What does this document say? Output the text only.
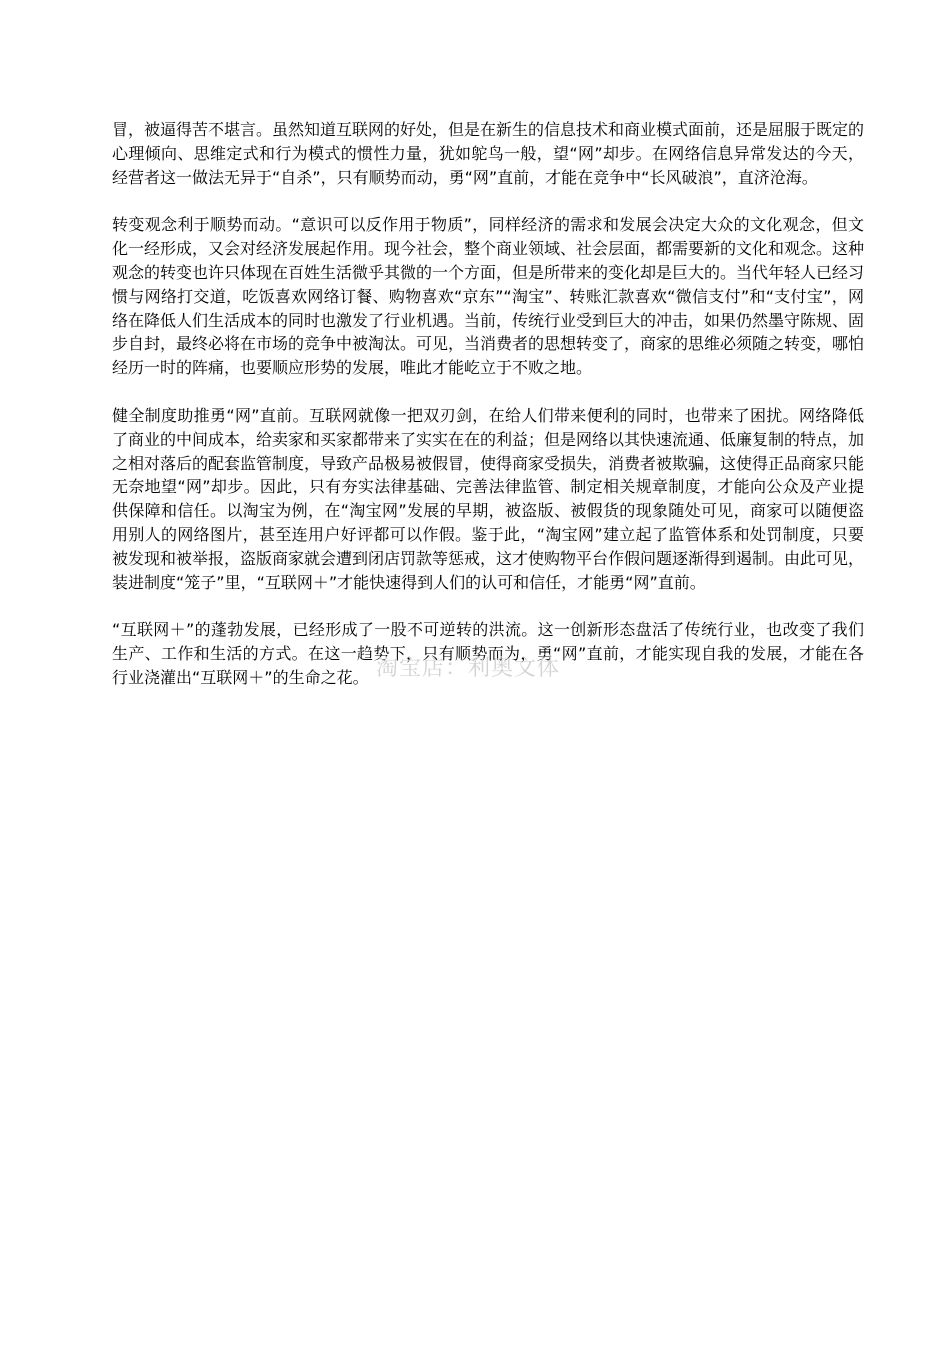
冒，被逼得苦不堪言。虽然知道互联网的好处，但是在新生的信息技术和商业模式面前，还是屈服于既定的心理倾向、思维定式和行为模式的惯性力量，犹如鸵鸟一般，望“网”却步。在网络信息异常发达的今天，经营者这一做法无异于“自杀”，只有顺势而动，勇“网”直前，才能在竞争中“长风破浪”，直济沧海。

转变观念利于顺势而动。“意识可以反作用于物质”，同样经济的需求和发展会决定大众的文化观念，但文化一经形成，又会对经济发展起作用。现今社会，整个商业领域、社会层面，都需要新的文化和观念。这种观念的转变也许只体现在百姓生活微乎其微的一个方面，但是所带来的变化却是巨大的。当代年轻人已经习惯与网络打交道，吃饭喜欢网络订餐、购物喜欢“京东”“淘宝”、转账汇款喜欢“微信支付”和“支付宝”，网络在降低人们生活成本的同时也激发了行业机遇。当前，传统行业受到巨大的冲击，如果仍然墨守陈规、固步自封，最终必将在市场的竞争中被淘汰。可见，当消费者的思想转变了，商家的思维必须随之转变，哪怕经历一时的阵痛，也要顺应形势的发展，唯此才能屹立于不败之地。

健全制度助推勇“网”直前。互联网就像一把双刃剑，在给人们带来便利的同时，也带来了困扰。网络降低了商业的中间成本，给卖家和买家都带来了实实在在的利益；但是网络以其快速流通、低廉复制的特点，加之相对落后的配套监管制度，导致产品极易被假冒，使得商家受损失，消费者被欺骗，这使得正品商家只能无奈地望“网”却步。因此，只有夯实法律基础、完善法律监管、制定相关规章制度，才能向公众及产业提供保障和信任。以淘宝为例，在“淘宝网”发展的早期，被盗版、被假货的现象随处可见，商家可以随便盗用别人的网络图片，甚至连用户好评都可以作假。鉴于此，“淘宝网”建立起了监管体系和处罚制度，只要被发现和被举报，盗版商家就会遭到闭店罚款等惩戒，这才使购物平台作假问题逐渐得到遏制。由此可见，装进制度“笼子”里，“互联网＋”才能快速得到人们的认可和信任，才能勇“网”直前。

“互联网＋”的蓬勃发展，已经形成了一股不可逆转的洪流。这一创新形态盘活了传统行业，也改变了我们生产、工作和生活的方式。在这一趋势下，只有顺势而为，勇“网”直前，才能实现自我的发展，才能在各行业浇灌出“互联网＋”的生命之花。 淘宝店：利奥文体
